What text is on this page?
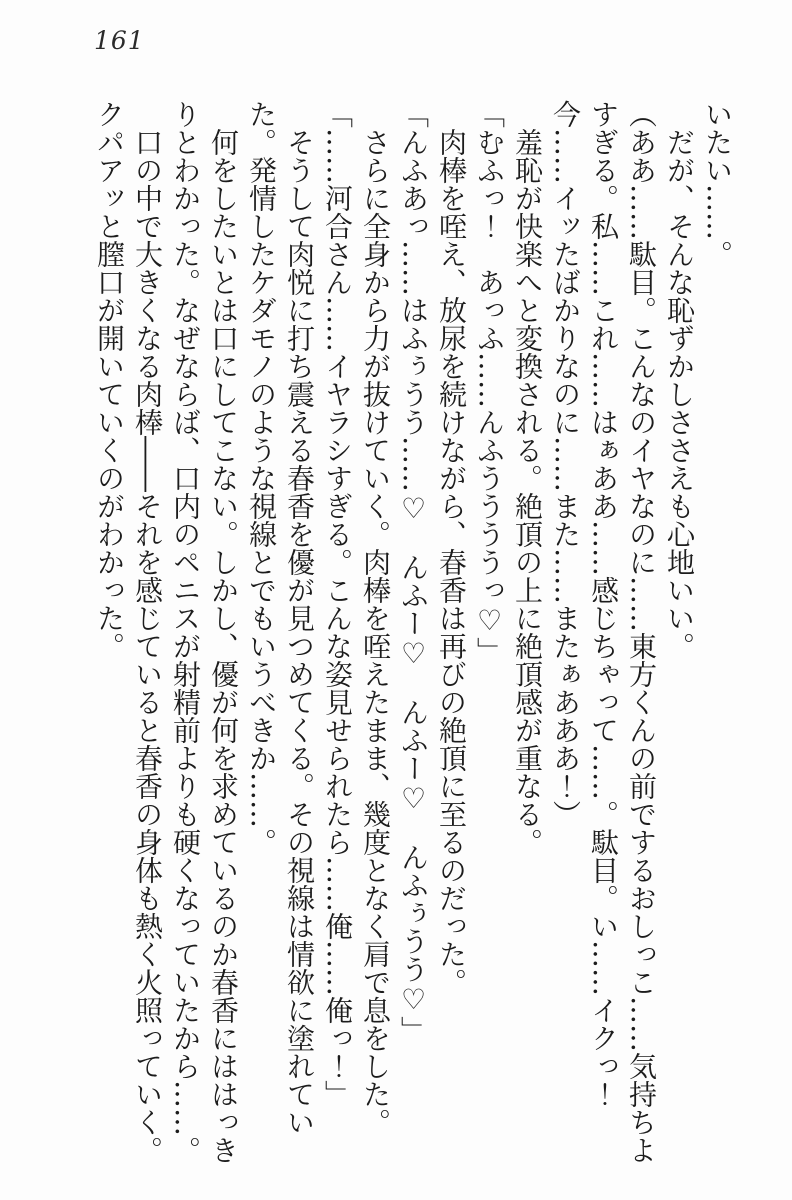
161

いたい……。

だが、そんな恥ずかしささえも心地いい。

（ああ……駄目。こんなのイヤなのに……東方くんの前でするおしっこ……気持ちよすぎる。私……これ……はぁああ……感じちゃって……。駄目。い……イクっ！　今……イッたばかりなのに……また……またぁあああ！）

羞恥が快楽へと変換される。絶頂の上に絶頂感が重なる。

「むふっ！　あっふ……んふううううっ♡」

肉棒を咥え、放尿を続けながら、春香は再びの絶頂に至るのだった。

「んふあっ……はふぅうう……♡　んふー♡　んふー♡　んふぅうう♡」

さらに全身から力が抜けていく。肉棒を咥えたまま、幾度となく肩で息をした。

「……河合さん……イヤラシすぎる。こんな姿見せられたら……俺……俺っ！」

そうして肉悦に打ち震える春香を優が見つめてくる。その視線は情欲に塗れていた。発情したケダモノのような視線とでもいうべきか……。

何をしたいとは口にしてこない。しかし、優が何を求めているのか春香にははっきりとわかった。なぜならば、口内のペニスが射精前よりも硬くなっていたから……。

口の中で大きくなる肉棒――それを感じていると春香の身体も熱く火照っていく。クパアッと膣口が開いていくのがわかった。
